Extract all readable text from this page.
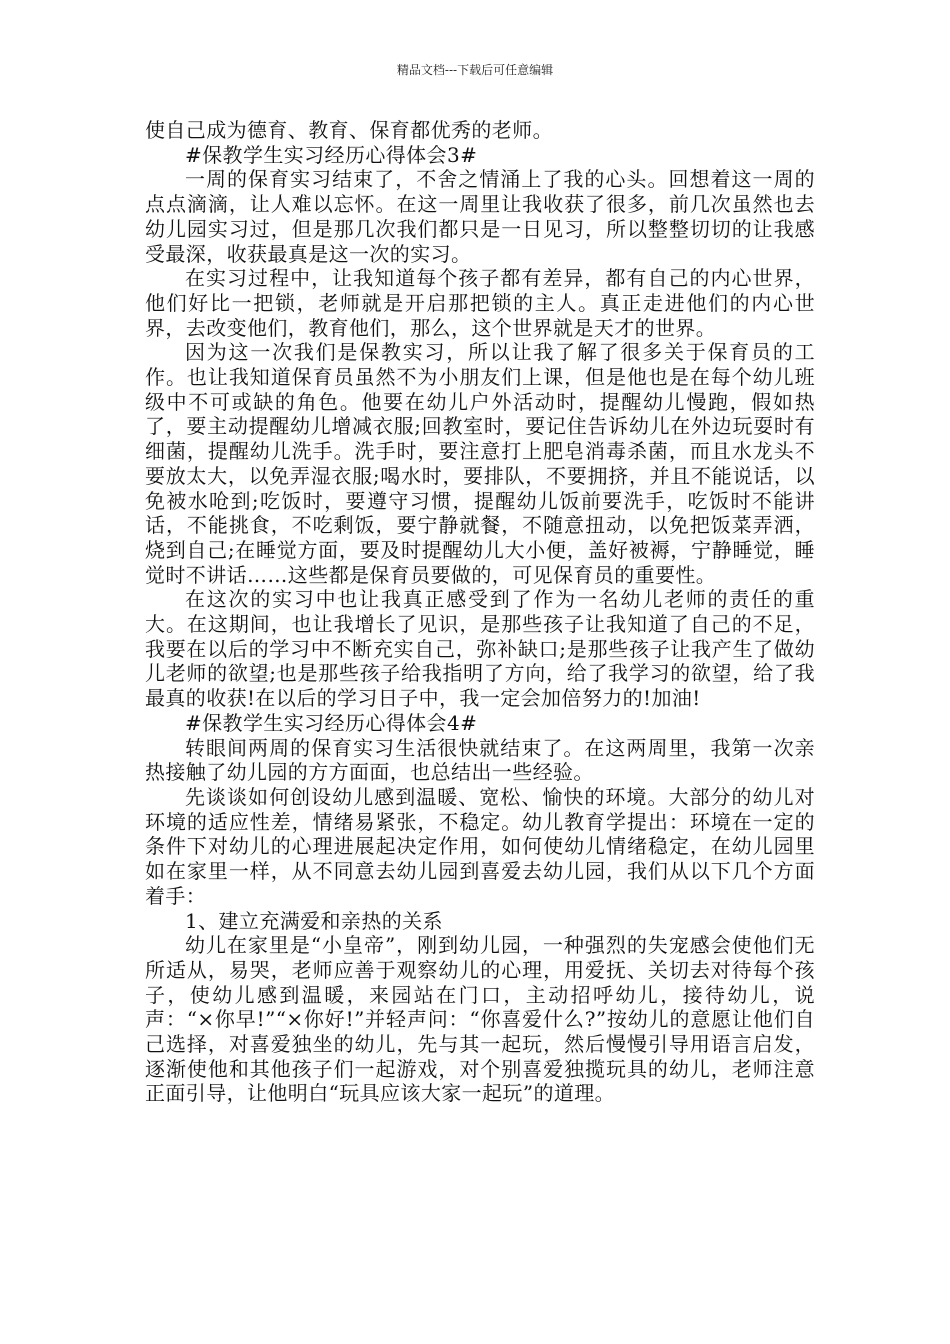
精品文档---下载后可任意编辑

使自己成为德育、教育、保育都优秀的老师。

#保教学生实习经历心得体会3#

一周的保育实习结束了，不舍之情涌上了我的心头。回想着这一周的点点滴滴，让人难以忘怀。在这一周里让我收获了很多，前几次虽然也去幼儿园实习过，但是那几次我们都只是一日见习，所以整整切切的让我感受最深，收获最真是这一次的实习。

在实习过程中，让我知道每个孩子都有差异，都有自己的内心世界，他们好比一把锁，老师就是开启那把锁的主人。真正走进他们的内心世界，去改变他们，教育他们，那么，这个世界就是天才的世界。

因为这一次我们是保教实习，所以让我了解了很多关于保育员的工作。也让我知道保育员虽然不为小朋友们上课，但是他也是在每个幼儿班级中不可或缺的角色。他要在幼儿户外活动时，提醒幼儿慢跑，假如热了，要主动提醒幼儿增减衣服;回教室时，要记住告诉幼儿在外边玩耍时有细菌，提醒幼儿洗手。洗手时，要注意打上肥皂消毒杀菌，而且水龙头不要放太大，以免弄湿衣服;喝水时，要排队，不要拥挤，并且不能说话，以免被水呛到;吃饭时，要遵守习惯，提醒幼儿饭前要洗手，吃饭时不能讲话，不能挑食，不吃剩饭，要宁静就餐，不随意扭动，以免把饭菜弄洒，烧到自己;在睡觉方面，要及时提醒幼儿大小便，盖好被褥，宁静睡觉，睡觉时不讲话……这些都是保育员要做的，可见保育员的重要性。

在这次的实习中也让我真正感受到了作为一名幼儿老师的责任的重大。在这期间，也让我增长了见识，是那些孩子让我知道了自己的不足，我要在以后的学习中不断充实自己，弥补缺口;是那些孩子让我产生了做幼儿老师的欲望;也是那些孩子给我指明了方向，给了我学习的欲望，给了我最真的收获!在以后的学习日子中，我一定会加倍努力的!加油!

#保教学生实习经历心得体会4#

转眼间两周的保育实习生活很快就结束了。在这两周里，我第一次亲热接触了幼儿园的方方面面，也总结出一些经验。

先谈谈如何创设幼儿感到温暖、宽松、愉快的环境。大部分的幼儿对环境的适应性差，情绪易紧张，不稳定。幼儿教育学提出：环境在一定的条件下对幼儿的心理进展起决定作用，如何使幼儿情绪稳定，在幼儿园里如在家里一样，从不同意去幼儿园到喜爱去幼儿园，我们从以下几个方面着手：

1、建立充满爱和亲热的关系

幼儿在家里是“小皇帝”，刚到幼儿园，一种强烈的失宠感会使他们无所适从，易哭，老师应善于观察幼儿的心理，用爱抚、关切去对待每个孩子，使幼儿感到温暖，来园站在门口，主动招呼幼儿，接待幼儿，说声：“×你早!”“×你好!”并轻声问：“你喜爱什么?”按幼儿的意愿让他们自己选择，对喜爱独坐的幼儿，先与其一起玩，然后慢慢引导用语言启发，逐渐使他和其他孩子们一起游戏，对个别喜爱独揽玩具的幼儿，老师注意正面引导，让他明白“玩具应该大家一起玩”的道理。
